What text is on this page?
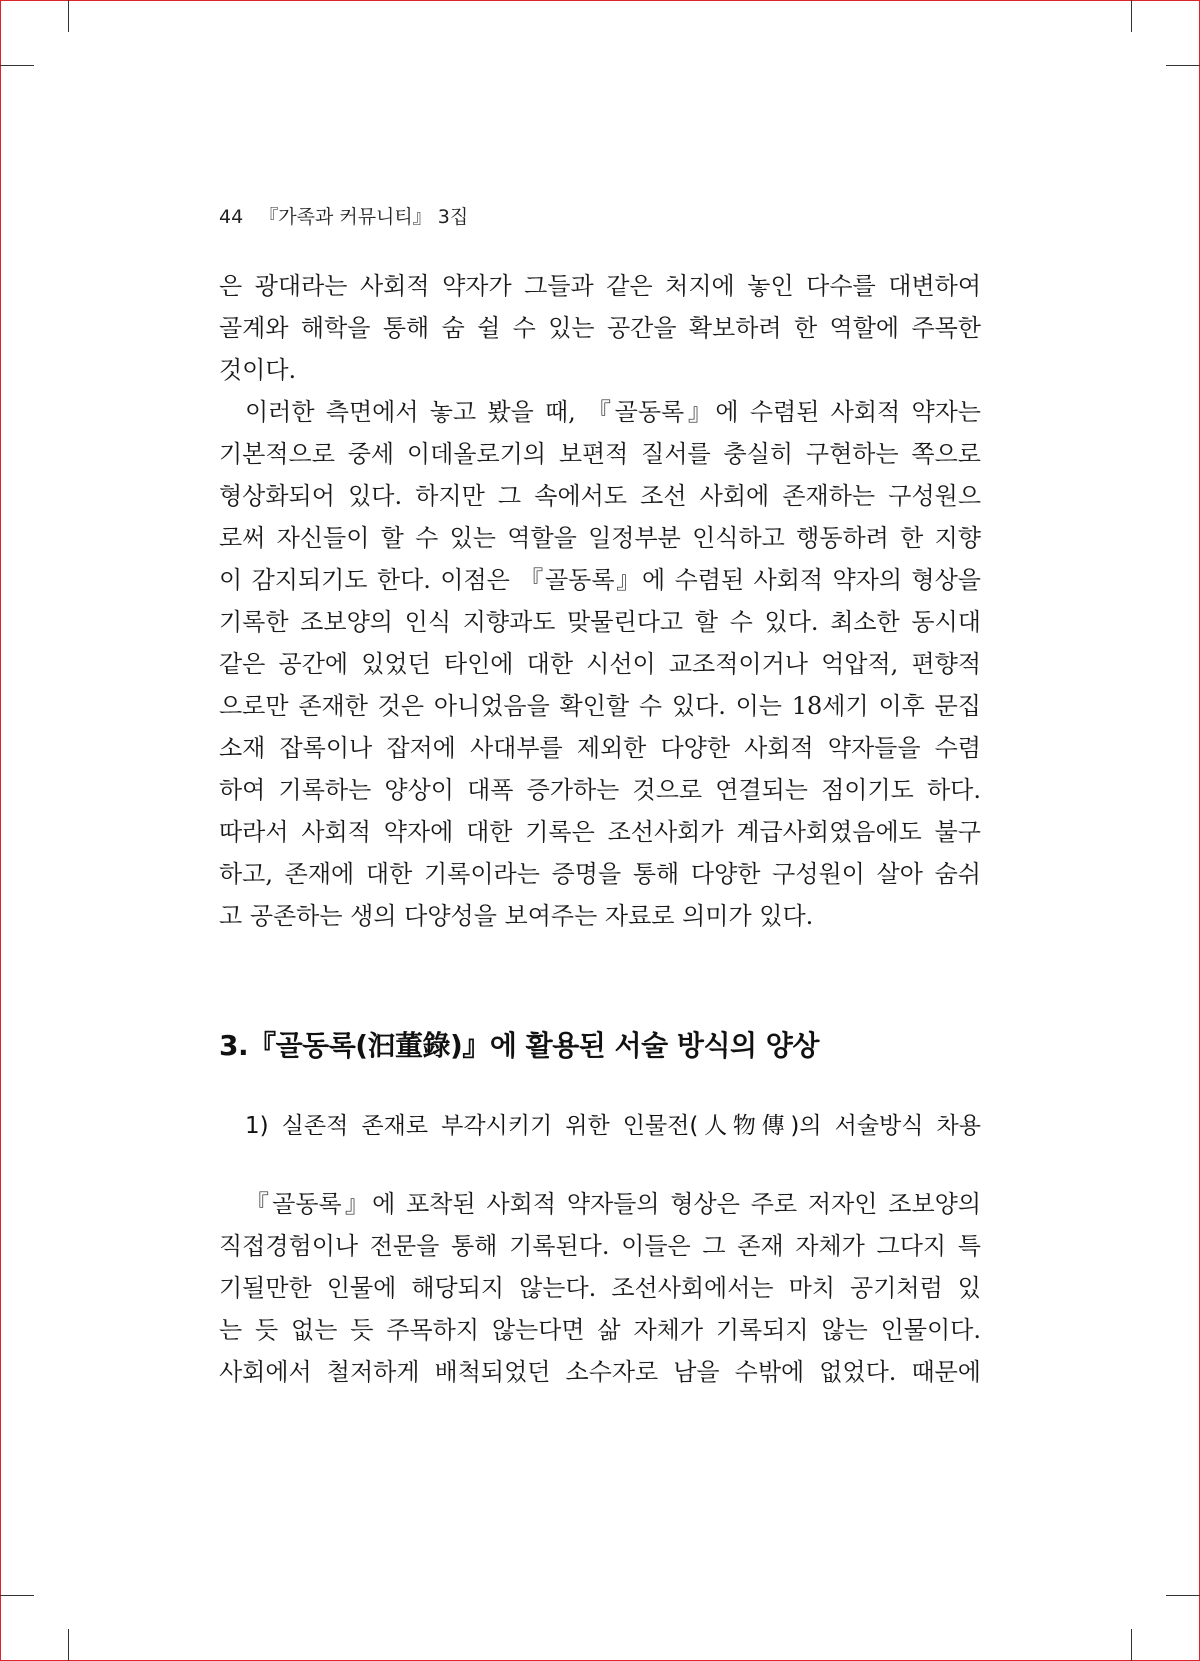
44 『가족과 커뮤니티』 3집
은 광대라는 사회적 약자가 그들과 같은 처지에 놓인 다수를 대변하여
골계와 해학을 통해 숨 쉴 수 있는 공간을 확보하려 한 역할에 주목한
것이다.
이러한 측면에서 놓고 봤을 때, 『골동록』에 수렴된 사회적 약자는
기본적으로 중세 이데올로기의 보편적 질서를 충실히 구현하는 쪽으로
형상화되어 있다. 하지만 그 속에서도 조선 사회에 존재하는 구성원으
로써 자신들이 할 수 있는 역할을 일정부분 인식하고 행동하려 한 지향
이 감지되기도 한다. 이점은 『골동록』에 수렴된 사회적 약자의 형상을
기록한 조보양의 인식 지향과도 맞물린다고 할 수 있다. 최소한 동시대
같은 공간에 있었던 타인에 대한 시선이 교조적이거나 억압적, 편향적
으로만 존재한 것은 아니었음을 확인할 수 있다. 이는 18세기 이후 문집
소재 잡록이나 잡저에 사대부를 제외한 다양한 사회적 약자들을 수렴
하여 기록하는 양상이 대폭 증가하는 것으로 연결되는 점이기도 하다.
따라서 사회적 약자에 대한 기록은 조선사회가 계급사회였음에도 불구
하고, 존재에 대한 기록이라는 증명을 통해 다양한 구성원이 살아 숨쉬
고 공존하는 생의 다양성을 보여주는 자료로 의미가 있다.
3.『골동록(汩董錄)』에 활용된 서술 방식의 양상
1) 실존적 존재로 부각시키기 위한 인물전(人物傳)의 서술방식 차용
『골동록』에 포착된 사회적 약자들의 형상은 주로 저자인 조보양의
직접경험이나 전문을 통해 기록된다. 이들은 그 존재 자체가 그다지 특
기될만한 인물에 해당되지 않는다. 조선사회에서는 마치 공기처럼 있
는 듯 없는 듯 주목하지 않는다면 삶 자체가 기록되지 않는 인물이다.
사회에서 철저하게 배척되었던 소수자로 남을 수밖에 없었다. 때문에
